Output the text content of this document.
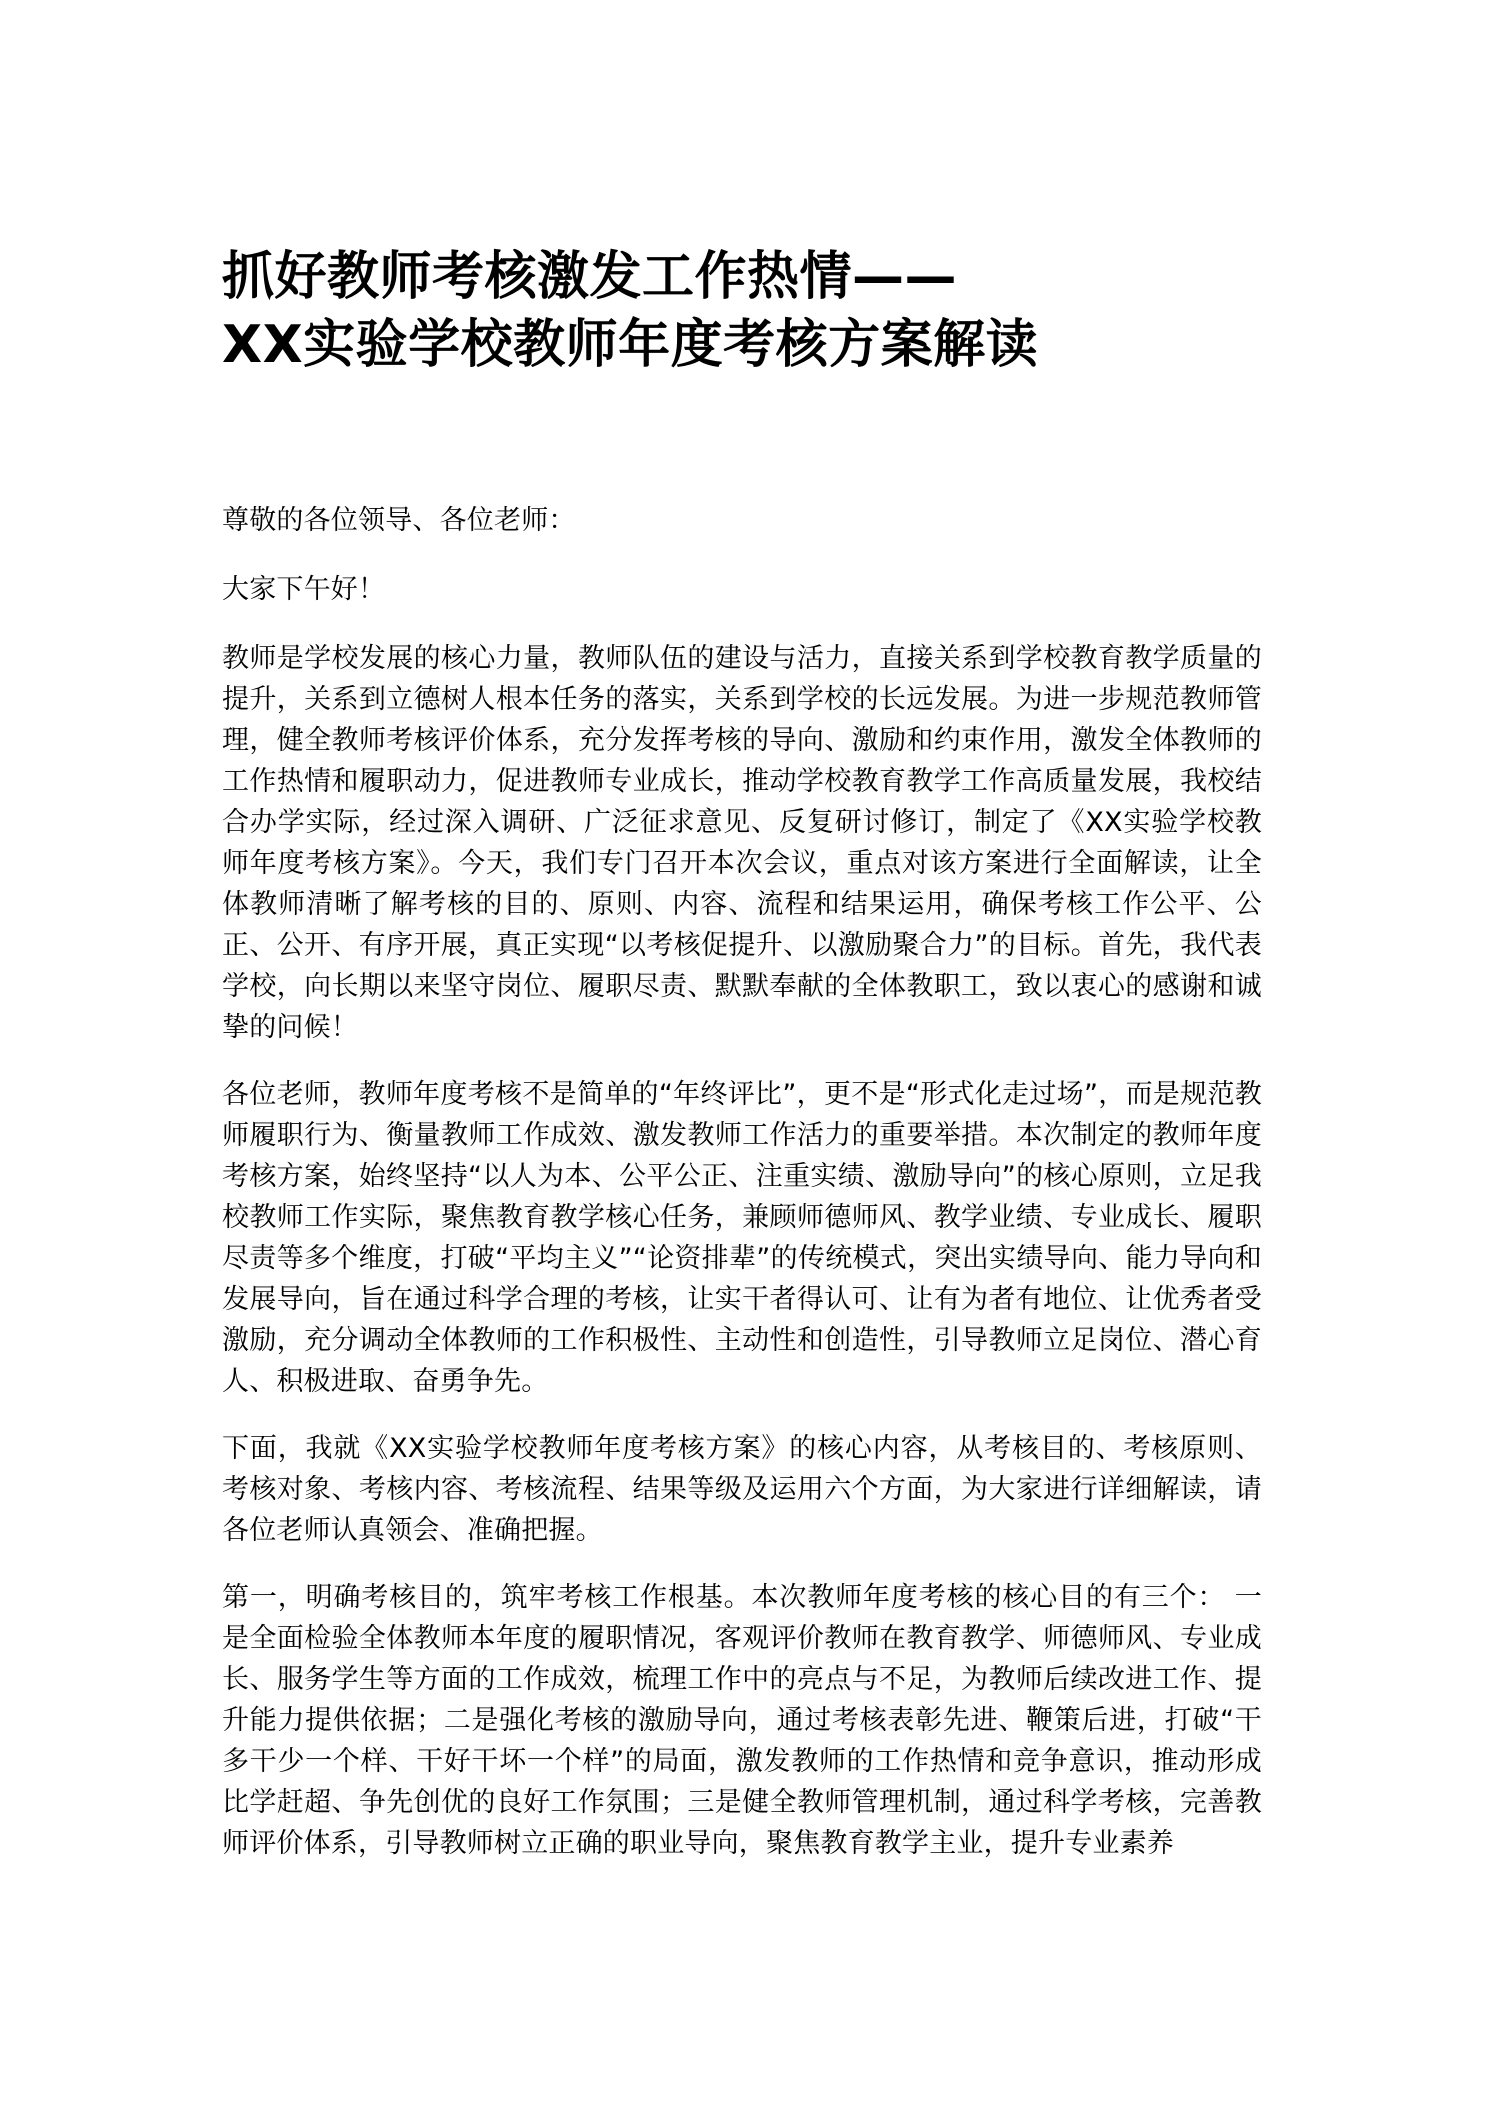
抓好教师考核激发工作热情——
XX实验学校教师年度考核方案解读

尊敬的各位领导、各位老师：

大家下午好！

教师是学校发展的核心力量，教师队伍的建设与活力，直接关系到学校教育教学质量的提升，关系到立德树人根本任务的落实，关系到学校的长远发展。为进一步规范教师管理，健全教师考核评价体系，充分发挥考核的导向、激励和约束作用，激发全体教师的工作热情和履职动力，促进教师专业成长，推动学校教育教学工作高质量发展，我校结合办学实际，经过深入调研、广泛征求意见、反复研讨修订，制定了《XX实验学校教师年度考核方案》。今天，我们专门召开本次会议，重点对该方案进行全面解读，让全体教师清晰了解考核的目的、原则、内容、流程和结果运用，确保考核工作公平、公正、公开、有序开展，真正实现“以考核促提升、以激励聚合力”的目标。首先，我代表学校，向长期以来坚守岗位、履职尽责、默默奉献的全体教职工，致以衷心的感谢和诚挚的问候！

各位老师，教师年度考核不是简单的“年终评比”，更不是“形式化走过场”，而是规范教师履职行为、衡量教师工作成效、激发教师工作活力的重要举措。本次制定的教师年度考核方案，始终坚持“以人为本、公平公正、注重实绩、激励导向”的核心原则，立足我校教师工作实际，聚焦教育教学核心任务，兼顾师德师风、教学业绩、专业成长、履职尽责等多个维度，打破“平均主义”“论资排辈”的传统模式，突出实绩导向、能力导向和发展导向，旨在通过科学合理的考核，让实干者得认可、让有为者有地位、让优秀者受激励，充分调动全体教师的工作积极性、主动性和创造性，引导教师立足岗位、潜心育人、积极进取、奋勇争先。

下面，我就《XX实验学校教师年度考核方案》的核心内容，从考核目的、考核原则、考核对象、考核内容、考核流程、结果等级及运用六个方面，为大家进行详细解读，请各位老师认真领会、准确把握。

第一，明确考核目的，筑牢考核工作根基。本次教师年度考核的核心目的有三个： 一是全面检验全体教师本年度的履职情况，客观评价教师在教育教学、师德师风、专业成长、服务学生等方面的工作成效，梳理工作中的亮点与不足，为教师后续改进工作、提升能力提供依据；二是强化考核的激励导向，通过考核表彰先进、鞭策后进，打破“干多干少一个样、干好干坏一个样”的局面，激发教师的工作热情和竞争意识，推动形成比学赶超、争先创优的良好工作氛围；三是健全教师管理机制，通过科学考核，完善教师评价体系，引导教师树立正确的职业导向，聚焦教育教学主业，提升专业素养
